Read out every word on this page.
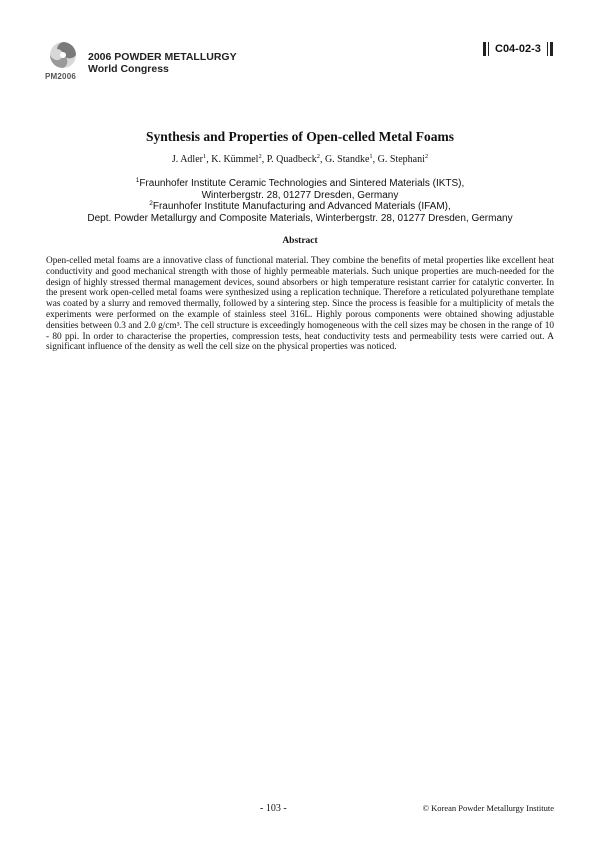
PM2006
2006 POWDER METALLURGY
World Congress
C04-02-3
Synthesis and Properties of Open-celled Metal Foams
J. Adler$^1$, K. Kümmel$^2$, P. Quadbeck$^2$, G. Standke$^1$, G. Stephani$^2$
$^1$Fraunhofer Institute Ceramic Technologies and Sintered Materials (IKTS),
Winterbergstr. 28, 01277 Dresden, Germany
$^2$Fraunhofer Institute Manufacturing and Advanced Materials (IFAM),
Dept. Powder Metallurgy and Composite Materials, Winterbergstr. 28, 01277 Dresden, Germany
Abstract
Open-celled metal foams are a innovative class of functional material. They combine the benefits of metal properties like excellent heat conductivity and good mechanical strength with those of highly permeable materials. Such unique properties are much-needed for the design of highly stressed thermal management devices, sound absorbers or high temperature resistant carrier for catalytic converter. In the present work open-celled metal foams were synthesized using a replication technique. Therefore a reticulated polyurethane template was coated by a slurry and removed thermally, followed by a sintering step. Since the process is feasible for a multiplicity of metals the experiments were performed on the example of stainless steel 316L. Highly porous components were obtained showing adjustable densities between 0.3 and 2.0 g/cm³. The cell structure is exceedingly homogeneous with the cell sizes may be chosen in the range of 10 - 80 ppi. In order to characterise the properties, compression tests, heat conductivity tests and permeability tests were carried out. A significant influence of the density as well the cell size on the physical properties was noticed.
- 103 -	© Korean Powder Metallurgy Institute
